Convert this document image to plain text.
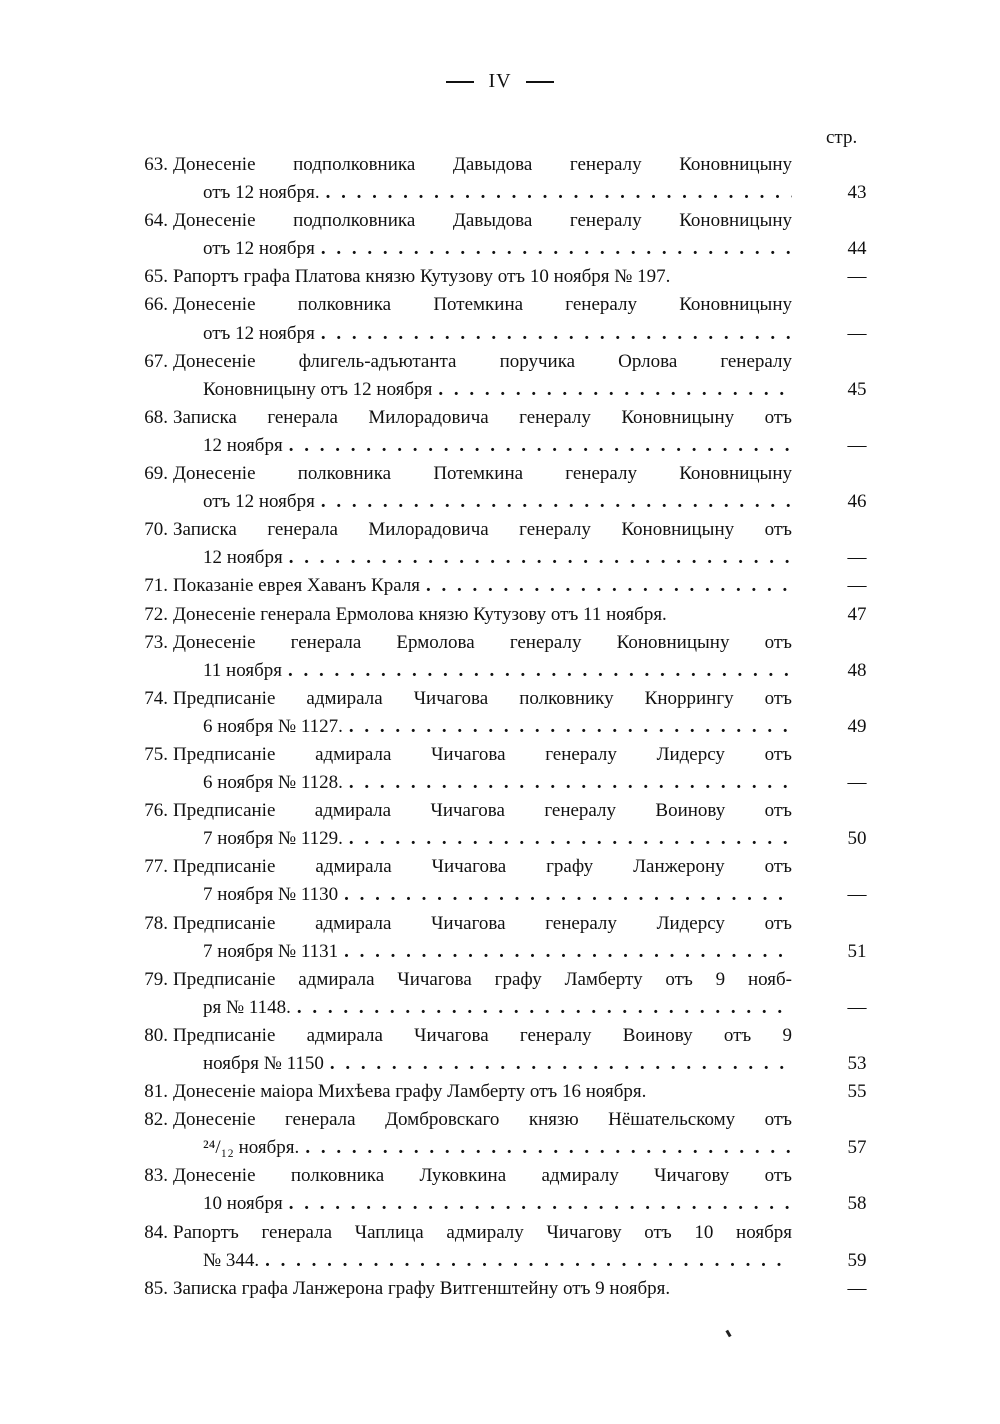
IV
стр.
63. Донесеніе подполковника Давыдова генералу Коновницыну
отъ 12 ноября. . . .	43
64. Донесеніе подполковника Давыдова генералу Коновницыну
отъ 12 ноября . . .	44
65. Рапортъ графа Платова князю Кутузову отъ 10 ноября № 197.	—
66. Донесеніе полковника Потемкина генералу Коновницыну
отъ 12 ноября . . .	—
67. Донесеніе флигель-адъютанта поручика Орлова генералу
Коновницыну отъ 12 ноября . . .	45
68. Записка генерала Милорадовича генералу Коновницыну отъ
12 ноября . . .	—
69. Донесеніе полковника Потемкина генералу Коновницыну
отъ 12 ноября . . .	46
70. Записка генерала Милорадовича генералу Коновницыну отъ
12 ноября . . .	—
71. Показаніе еврея Хаванъ Краля . . .	—
72. Донесеніе генерала Ермолова князю Кутузову отъ 11 ноября.	47
73. Донесеніе генерала Ермолова генералу Коновницыну отъ
11 ноября . . .	48
74. Предписаніе адмирала Чичагова полковнику Кноррингу отъ
6 ноября № 1127. . . .	49
75. Предписаніе адмирала Чичагова генералу Лидерсу отъ
6 ноября № 1128. . . .	—
76. Предписаніе адмирала Чичагова генералу Воинову отъ
7 ноября № 1129. . . .	50
77. Предписаніе адмирала Чичагова графу Ланжерону отъ
7 ноября № 1130 . . .	—
78. Предписаніе адмирала Чичагова генералу Лидерсу отъ
7 ноября № 1131 . . .	51
79. Предписаніе адмирала Чичагова графу Ламберту отъ 9 нояб-
ря № 1148. . . .	—
80. Предписаніе адмирала Чичагова генералу Воинову отъ 9
ноября № 1150 . . .	53
81. Донесеніе маіора Михѣева графу Ламберту отъ 16 ноября.	55
82. Донесеніе генерала Домбровскаго князю Нёшательскому отъ
²⁴/₁₂ ноября. . . .	57
83. Донесеніе полковника Луковкина адмиралу Чичагову отъ
10 ноября . . .	58
84. Рапортъ генерала Чаплица адмиралу Чичагову отъ 10 ноября
№ 344. . . .	59
85. Записка графа Ланжерона графу Витгенштейну отъ 9 ноября.	—
